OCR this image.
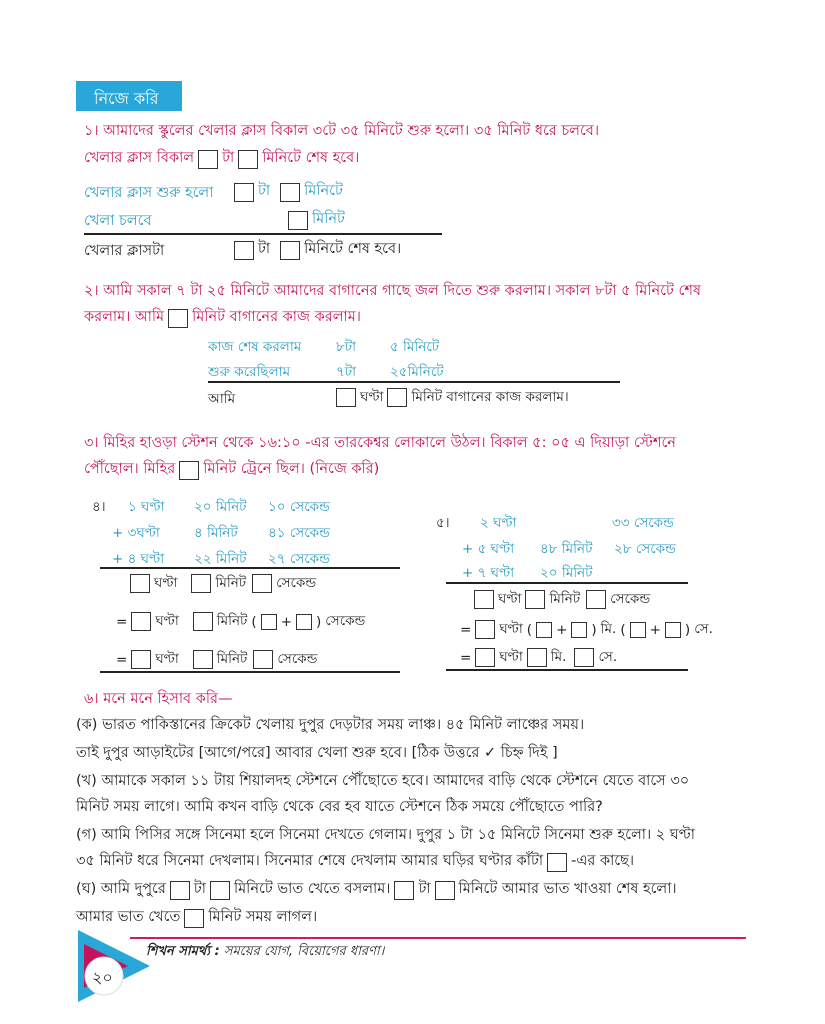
নিজে করি
১। আমাদের স্কুলের খেলার ক্লাস বিকাল ৩টে ৩৫ মিনিটে শুরু হলো। ৩৫ মিনিট ধরে চলবে।
খেলার ক্লাস বিকাল টা মিনিটে শেষ হবে।
খেলার ক্লাস শুরু হলো	টা মিনিটে
খেলা চলবে	মিনিট
খেলার ক্লাসটা	টা মিনিটে শেষ হবে।
২। আমি সকাল ৭ টা ২৫ মিনিটে আমাদের বাগানের গাছে জল দিতে শুরু করলাম। সকাল ৮টা ৫ মিনিটে শেষ
করলাম। আমি মিনিট বাগানের কাজ করলাম।
কাজ শেষ করলাম	৮টা	৫ মিনিটে
শুরু করেছিলাম	৭টা	২৫মিনিটে
আমি	ঘণ্টা মিনিট বাগানের কাজ করলাম।
৩। মিহির হাওড়া স্টেশন থেকে ১৬:১০ -এর তারকেশ্বর লোকালে উঠল। বিকাল ৫: ০৫ এ দিয়াড়া স্টেশনে
পৌঁছোল। মিহির মিনিট ট্রেনে ছিল। (নিজে করি)
৪। ১ ঘণ্টা ২০ মিনিট ১০ সেকেন্ড
+ ৩ঘণ্টা	৪ মিনিট ৪১ সেকেন্ড
+ ৪ ঘণ্টা ২২ মিনিট ২৭ সেকেন্ড
ঘণ্টা	মিনিট সেকেন্ড
= ঘণ্টা	মিনিট ( + ) সেকেন্ড
= ঘণ্টা	মিনিট সেকেন্ড
৫। ২ ঘণ্টা	৩৩ সেকেন্ড
+ ৫ ঘণ্টা ৪৮ মিনিট ২৮ সেকেন্ড
+ ৭ ঘণ্টা ২০ মিনিট
ঘণ্টা মিনিট সেকেন্ড
= ঘণ্টা ( + ) মি. ( + ) সে.
= ঘণ্টা মি. সে.
৬। মনে মনে হিসাব করি—
(ক) ভারত পাকিস্তানের ক্রিকেট খেলায় দুপুর দেড়টার সময় লাঞ্চ। ৪৫ মিনিট লাঞ্চের সময়।
তাই দুপুর আড়াইটের [আগে/পরে] আবার খেলা শুরু হবে। [ঠিক উত্তরে ✓ চিহ্ন দিই ]
(খ) আমাকে সকাল ১১ টায় শিয়ালদহ স্টেশনে পৌঁছোতে হবে। আমাদের বাড়ি থেকে স্টেশনে যেতে বাসে ৩০
মিনিট সময় লাগে। আমি কখন বাড়ি থেকে বের হব যাতে স্টেশনে ঠিক সময়ে পৌঁছোতে পারি?
(গ) আমি পিসির সঙ্গে সিনেমা হলে সিনেমা দেখতে গেলাম। দুপুর ১ টা ১৫ মিনিটে সিনেমা শুরু হলো। ২ ঘণ্টা
৩৫ মিনিট ধরে সিনেমা দেখলাম। সিনেমার শেষে দেখলাম আমার ঘড়ির ঘণ্টার কাঁটা -এর কাছে।
(ঘ) আমি দুপুরে টা মিনিটে ভাত খেতে বসলাম। টা মিনিটে আমার ভাত খাওয়া শেষ হলো।
আমার ভাত খেতে মিনিট সময় লাগল।
২০
শিখন সামর্থ্য : সময়ের যোগ, বিয়োগের ধারণা।
